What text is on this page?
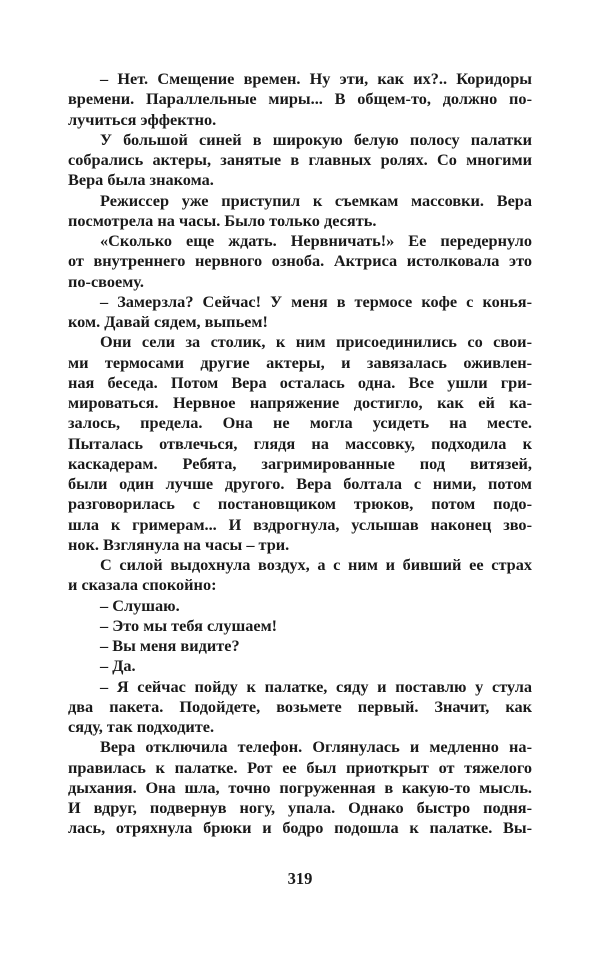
– Нет. Смещение времен. Ну эти, как их?.. Коридоры
времени. Параллельные миры... В общем-то, должно по-
лучиться эффектно.
У большой синей в широкую белую полосу палатки
собрались актеры, занятые в главных ролях. Со многими
Вера была знакома.
Режиссер уже приступил к съемкам массовки. Вера
посмотрела на часы. Было только десять.
«Сколько еще ждать. Нервничать!» Ее передернуло
от внутреннего нервного озноба. Актриса истолковала это
по-своему.
– Замерзла? Сейчас! У меня в термосе кофе с конья-
ком. Давай сядем, выпьем!
Они сели за столик, к ним присоединились со свои-
ми термосами другие актеры, и завязалась оживлен-
ная беседа. Потом Вера осталась одна. Все ушли гри-
мироваться. Нервное напряжение достигло, как ей ка-
залось, предела. Она не могла усидеть на месте.
Пыталась отвлечься, глядя на массовку, подходила к
каскадерам. Ребята, загримированные под витязей,
были один лучше другого. Вера болтала с ними, потом
разговорилась с постановщиком трюков, потом подо-
шла к гримерам... И вздрогнула, услышав наконец зво-
нок. Взглянула на часы – три.
С силой выдохнула воздух, а с ним и бивший ее страх
и сказала спокойно:
– Слушаю.
– Это мы тебя слушаем!
– Вы меня видите?
– Да.
– Я сейчас пойду к палатке, сяду и поставлю у стула
два пакета. Подойдете, возьмете первый. Значит, как
сяду, так подходите.
Вера отключила телефон. Оглянулась и медленно на-
правилась к палатке. Рот ее был приоткрыт от тяжелого
дыхания. Она шла, точно погруженная в какую-то мысль.
И вдруг, подвернув ногу, упала. Однако быстро подня-
лась, отряхнула брюки и бодро подошла к палатке. Вы-
319
